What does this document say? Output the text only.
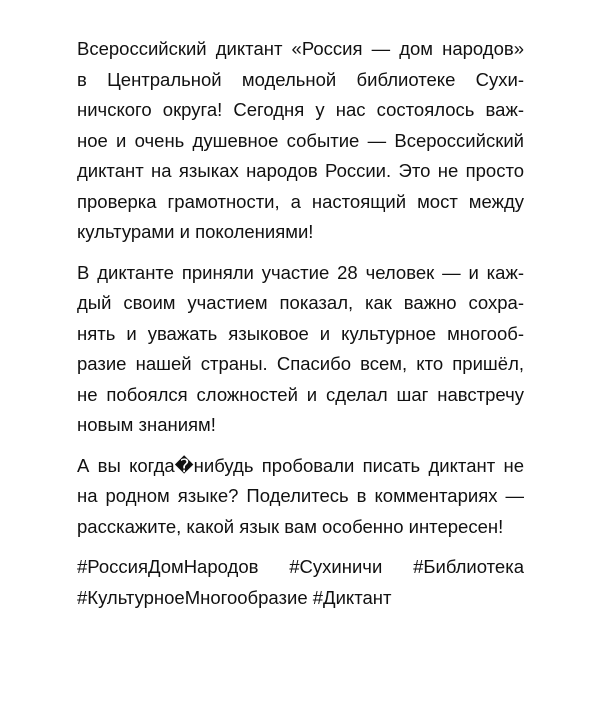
Всероссийский диктант «Россия — дом народов»
в Центральной модельной библиотеке Сухи-
ничского округа! Сегодня у нас состоялось важ-
ное и очень душевное событие — Всероссийский
диктант на языках народов России. Это не просто
проверка грамотности, а настоящий мост между
культурами и поколениями!
В диктанте приняли участие 28 человек — и каж-
дый своим участием показал, как важно сохра-
нять и уважать языковое и культурное многооб-
разие нашей страны. Спасибо всем, кто пришёл,
не побоялся сложностей и сделал шаг навстречу
новым знаниям!
А вы когда�нибудь пробовали писать диктант не
на родном языке? Поделитесь в комментариях —
расскажите, какой язык вам особенно интересен!
#РоссияДомНародов #Сухиничи #Библиотека
#КультурноеМногообразие #Диктант
